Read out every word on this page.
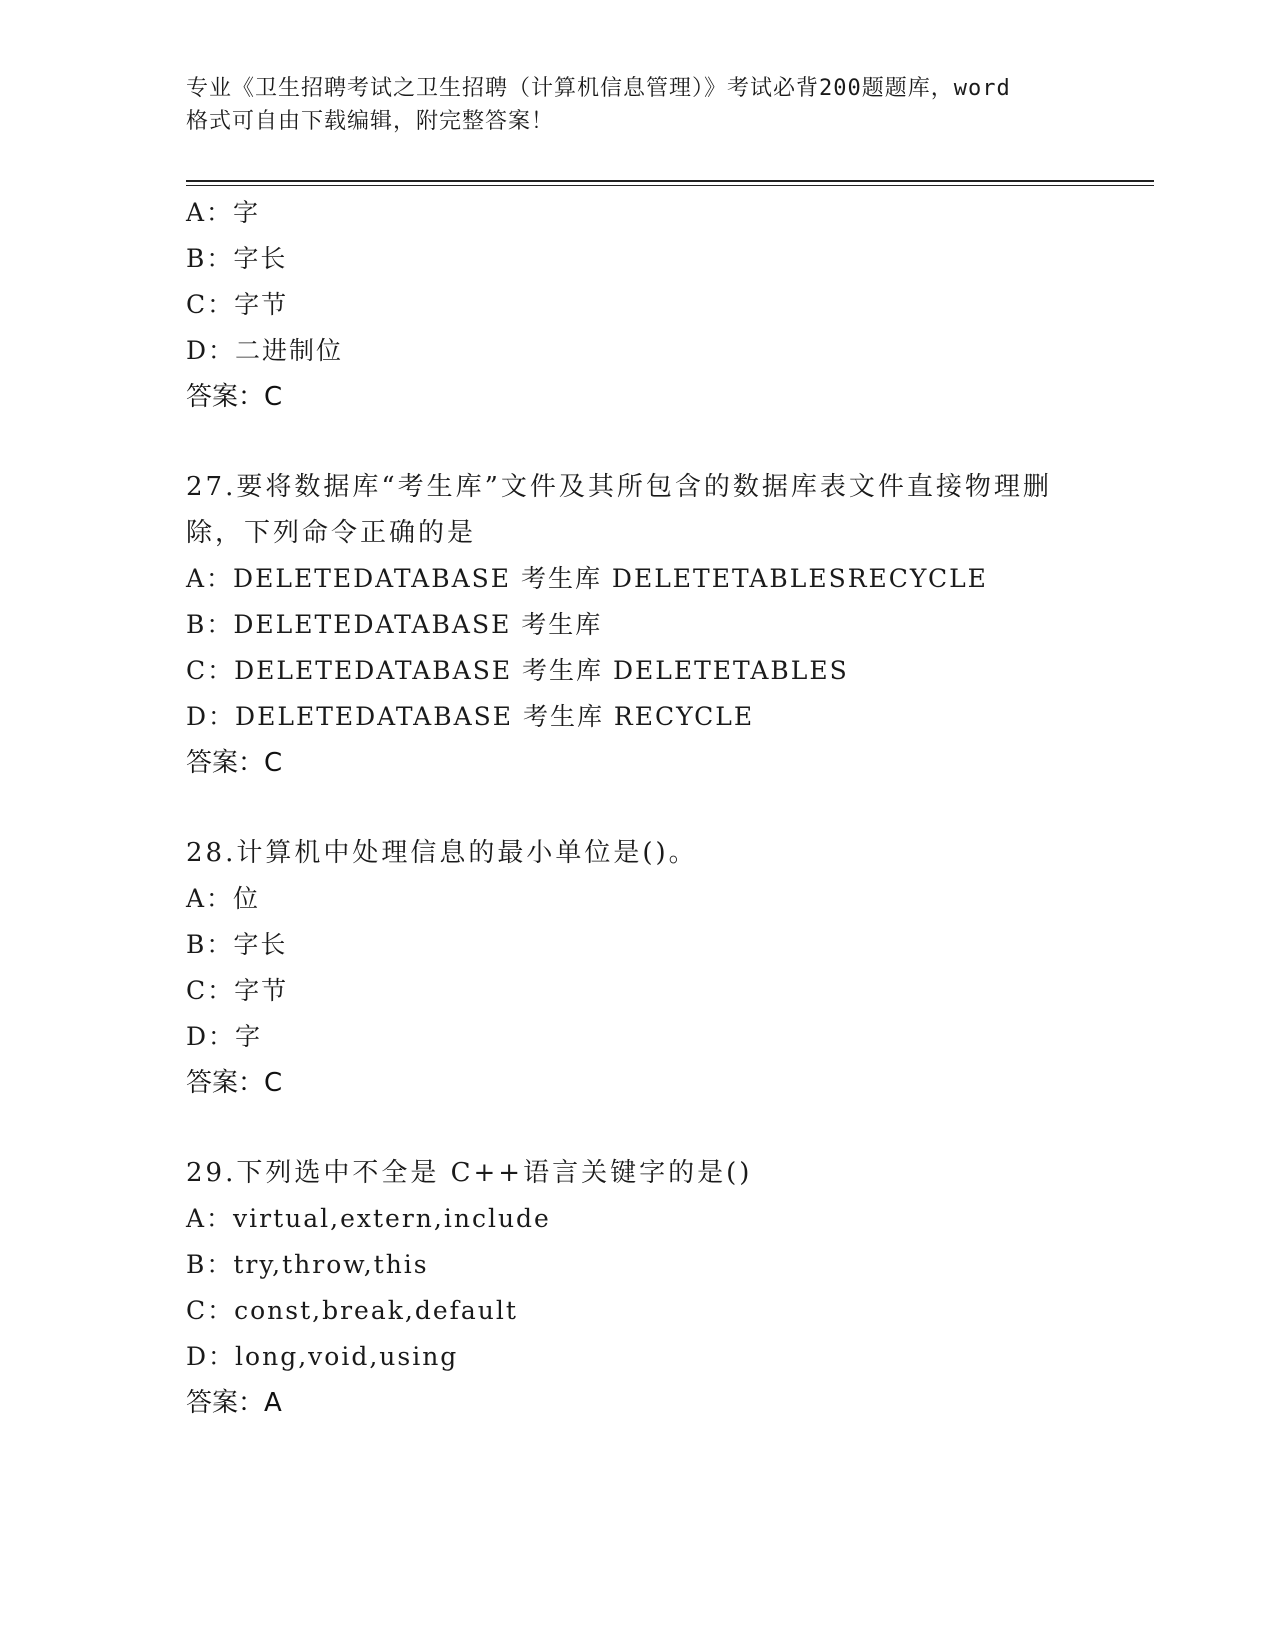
专业《卫生招聘考试之卫生招聘（计算机信息管理）》考试必背200题题库，word
格式可自由下载编辑，附完整答案！
A：字
B：字长
C：字节
D：二进制位
答案：C
27.要将数据库“考生库”文件及其所包含的数据库表文件直接物理删
除，下列命令正确的是
A：DELETEDATABASE 考生库 DELETETABLESRECYCLE
B：DELETEDATABASE 考生库
C：DELETEDATABASE 考生库 DELETETABLES
D：DELETEDATABASE 考生库 RECYCLE
答案：C
28.计算机中处理信息的最小单位是()。
A：位
B：字长
C：字节
D：字
答案：C
29.下列选中不全是 C++语言关键字的是()
A：virtual,extern,include
B：try,throw,this
C：const,break,default
D：long,void,using
答案：A
